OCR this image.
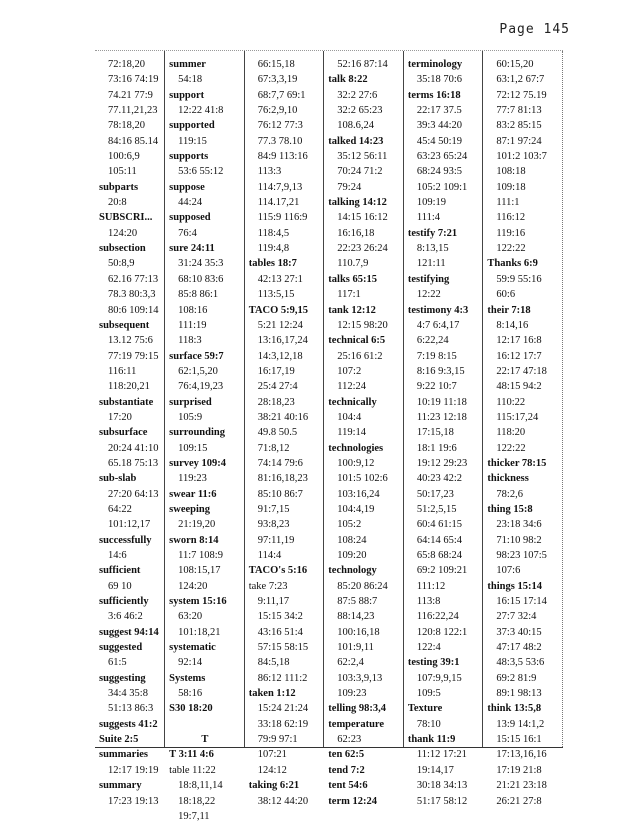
Page 145
72:18,20
73:16 74:19
74.21 77:9
77.11,21,23
78:18,20
84:16 85.14
100:6,9
105:11
subparts
20:8
SUBSCRI...
124:20
subsection
50:8,9
62.16 77:13
78.3 80:3,3
80:6 109:14
subsequent
13.12 75:6
77:19 79:15
116:11
118:20,21
substantiate
17:20
subsurface
20:24 41:10
65.18 75:13
sub-slab
27:20 64:13
64:22
101:12,17
successfully
14:6
sufficient
69 10
sufficiently
3:6 46:2
suggest 94:14
suggested
61:5
suggesting
34:4 35:8
51:13 86:3
suggests 41:2
Suite 2:5
summaries
12:17 19:19
summary
17:23 19:13
summer
54:18
support
12:22 41:8
supported
119:15
supports
53:6 55:12
suppose
44:24
supposed
76:4
sure 24:11
31:24 35:3
68:10 83:6
85:8 86:1
108:16
111:19
118:3
surface 59:7
62:1,5,20
76:4,19,23
surprised
105:9
surrounding
109:15
survey 109:4
119:23
swear 11:6
sweeping
21:19,20
sworn 8:14
11:7 108:9
108:15,17
124:20
system 15:16
63:20
101:18,21
systematic
92:14
Systems
58:16
S30 18:20
T
T 3:11 4:6
table 11:22
18:8,11,14
18:18,22
19:7,11
66:15,18
67:3,3,19
68:7,7 69:1
76:2,9,10
76:12 77:3
77.3 78.10
84:9 113:16
113:3
114:7,9,13
114.17,21
115:9 116:9
118:4,5
119:4,8
tables 18:7
42:13 27:1
113:5,15
TACO 5:9,15
5:21 12:24
13:16,17,24
14:3,12,18
16:17,19
25:4 27:4
28:18,23
38:21 40:16
49.8 50.5
71:8,12
74:14 79:6
81:16,18,23
85:10 86:7
91:7,15
93:8,23
97:11,19
114:4
TACO's 5:16
take 7:23
9:11,17
15:15 34:2
43:16 51:4
57:15 58:15
84:5,18
86:12 111:2
taken 1:12
15:24 21:24
33:18 62:19
79:9 97:1
107:21
124:12
taking 6:21
38:12 44:20
52:16 87:14
talk 8:22
32:2 27:6
32:2 65:23
108.6,24
talked 14:23
35:12 56:11
70:24 71:2
79:24
talking 14:12
14:15 16:12
16:16,18
22:23 26:24
110.7,9
talks 65:15
117:1
tank 12:12
12:15 98:20
technical 6:5
25:16 61:2
107:2
112:24
technically
104:4
119:14
technologies
100:9,12
101:5 102:6
103:16,24
104:4,19
105:2
108:24
109:20
technology
85:20 86:24
87:5 88:7
88:14,23
100:16,18
101:9,11
62:2,4
103:3,9,13
109:23
telling 98:3,4
temperature
62:23
ten 62:5
tend 7:2
tent 54:6
term 12:24
terminology
35:18 70:6
terms 16:18
22:17 37.5
39:3 44:20
45:4 50:19
63:23 65:24
68:24 93:5
105:2 109:1
109:19
111:4
testify 7:21
8:13,15
121:11
testifying
12:22
testimony 4:3
4:7 6:4,17
6:22,24
7:19 8:15
8:16 9:3,15
9:22 10:7
10:19 11:18
11:23 12:18
17:15,18
18:1 19:6
19:12 29:23
40:23 42:2
50:17,23
51:2,5,15
60:4 61:15
64:14 65:4
65:8 68:24
69:2 109:21
111:12
113:8
116:22,24
120:8 122:1
122:4
testing 39:1
107:9,9,15
109:5
Texture
78:10
thank 11:9
11:12 17:21
19:14,17
30:18 34:13
51:17 58:12
60:15,20
63:1,2 67:7
72:12 75.19
77:7 81:13
83:2 85:15
87:1 97:24
101:2 103:7
108:18
109:18
111:1
116:12
119:16
122:22
Thanks 6:9
59:9 55:16
60:6
their 7:18
8:14,16
12:17 16:8
16:12 17:7
22:17 47:18
48:15 94:2
110:22
115:17,24
118:20
122:22
thicker 78:15
thickness
78:2,6
thing 15:8
23:18 34:6
71:10 98:2
98:23 107:5
107:6
things 15:14
16:15 17:14
27:7 32:4
37:3 40:15
47:17 48:2
48:3,5 53:6
69:2 81:9
89:1 98:13
think 13:5,8
13:9 14:1,2
15:15 16:1
17:13,16,16
17:19 21:8
21:21 23:18
26:21 27:8
